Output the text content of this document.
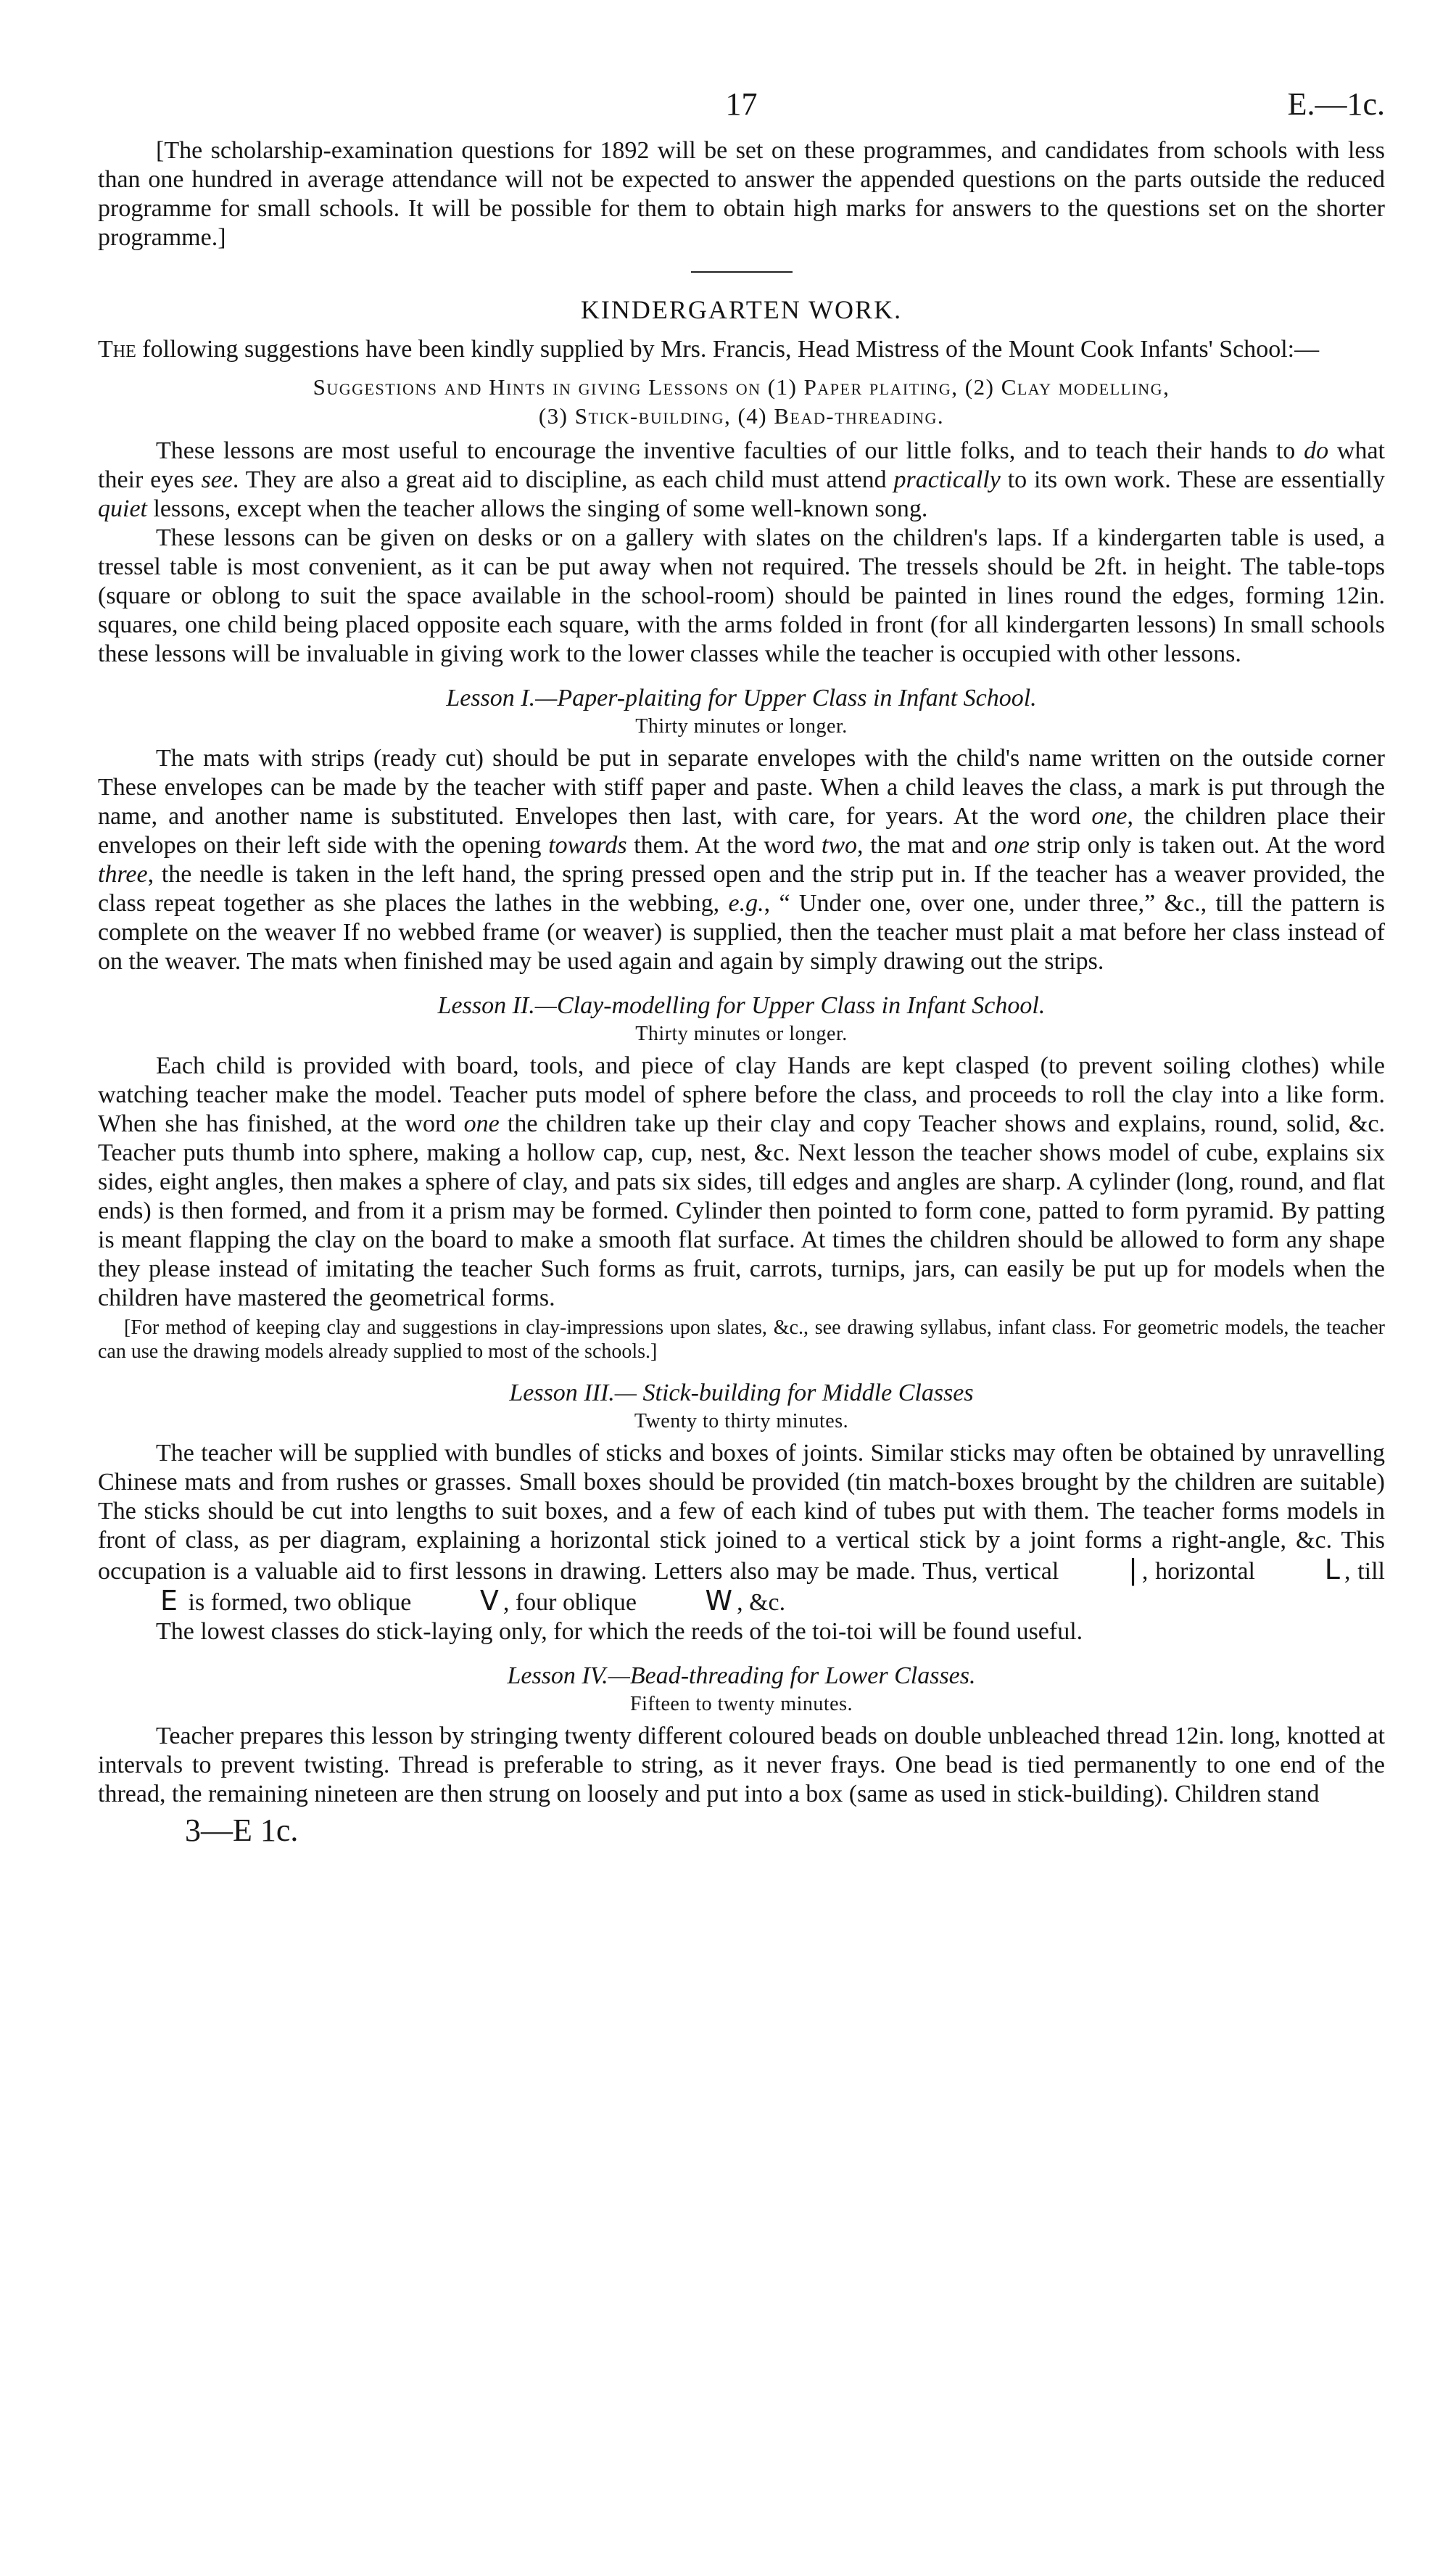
17	E.—1c.

[The scholarship-examination questions for 1892 will be set on these programmes, and candidates from schools with less than one hundred in average attendance will not be expected to answer the appended questions on the parts outside the reduced programme for small schools. It will be possible for them to obtain high marks for answers to the questions set on the shorter programme.]

KINDERGARTEN WORK.

The following suggestions have been kindly supplied by Mrs. Francis, Head Mistress of the Mount Cook Infants' School:—

Suggestions and Hints in giving Lessons on (1) Paper plaiting, (2) Clay modelling,
(3) Stick-building, (4) Bead-threading.

These lessons are most useful to encourage the inventive faculties of our little folks, and to teach their hands to do what their eyes see. They are also a great aid to discipline, as each child must attend practically to its own work. These are essentially quiet lessons, except when the teacher allows the singing of some well-known song.

These lessons can be given on desks or on a gallery with slates on the children's laps. If a kindergarten table is used, a tressel table is most convenient, as it can be put away when not required. The tressels should be 2ft. in height. The table-tops (square or oblong to suit the space available in the school-room) should be painted in lines round the edges, forming 12in. squares, one child being placed opposite each square, with the arms folded in front (for all kindergarten lessons) In small schools these lessons will be invaluable in giving work to the lower classes while the teacher is occupied with other lessons.

Lesson I.—Paper-plaiting for Upper Class in Infant School.
Thirty minutes or longer.

The mats with strips (ready cut) should be put in separate envelopes with the child's name written on the outside corner These envelopes can be made by the teacher with stiff paper and paste. When a child leaves the class, a mark is put through the name, and another name is substituted. Envelopes then last, with care, for years. At the word one, the children place their envelopes on their left side with the opening towards them. At the word two, the mat and one strip only is taken out. At the word three, the needle is taken in the left hand, the spring pressed open and the strip put in. If the teacher has a weaver provided, the class repeat together as she places the lathes in the webbing, e.g., “ Under one, over one, under three,” &c., till the pattern is complete on the weaver If no webbed frame (or weaver) is supplied, then the teacher must plait a mat before her class instead of on the weaver. The mats when finished may be used again and again by simply drawing out the strips.

Lesson II.—Clay-modelling for Upper Class in Infant School.
Thirty minutes or longer.

Each child is provided with board, tools, and piece of clay Hands are kept clasped (to prevent soiling clothes) while watching teacher make the model. Teacher puts model of sphere before the class, and proceeds to roll the clay into a like form. When she has finished, at the word one the children take up their clay and copy Teacher shows and explains, round, solid, &c. Teacher puts thumb into sphere, making a hollow cap, cup, nest, &c. Next lesson the teacher shows model of cube, explains six sides, eight angles, then makes a sphere of clay, and pats six sides, till edges and angles are sharp. A cylinder (long, round, and flat ends) is then formed, and from it a prism may be formed. Cylinder then pointed to form cone, patted to form pyramid. By patting is meant flapping the clay on the board to make a smooth flat surface. At times the children should be allowed to form any shape they please instead of imitating the teacher Such forms as fruit, carrots, turnips, jars, can easily be put up for models when the children have mastered the geometrical forms.

[For method of keeping clay and suggestions in clay-impressions upon slates, &c., see drawing syllabus, infant class. For geometric models, the teacher can use the drawing models already supplied to most of the schools.]

Lesson III.— Stick-building for Middle Classes
Twenty to thirty minutes.

The teacher will be supplied with bundles of sticks and boxes of joints. Similar sticks may often be obtained by unravelling Chinese mats and from rushes or grasses. Small boxes should be provided (tin match-boxes brought by the children are suitable) The sticks should be cut into lengths to suit boxes, and a few of each kind of tubes put with them. The teacher forms models in front of class, as per diagram, explaining a horizontal stick joined to a vertical stick by a joint forms a right-angle, &c. This occupation is a valuable aid to first lessons in drawing. Letters also may be made. Thus, vertical | , horizontal L , till E is formed, two oblique V , four oblique W , &c.

The lowest classes do stick-laying only, for which the reeds of the toi-toi will be found useful.

Lesson IV.—Bead-threading for Lower Classes.
Fifteen to twenty minutes.

Teacher prepares this lesson by stringing twenty different coloured beads on double unbleached thread 12in. long, knotted at intervals to prevent twisting. Thread is preferable to string, as it never frays. One bead is tied permanently to one end of the thread, the remaining nineteen are then strung on loosely and put into a box (same as used in stick-building). Children stand

3—E 1c.
